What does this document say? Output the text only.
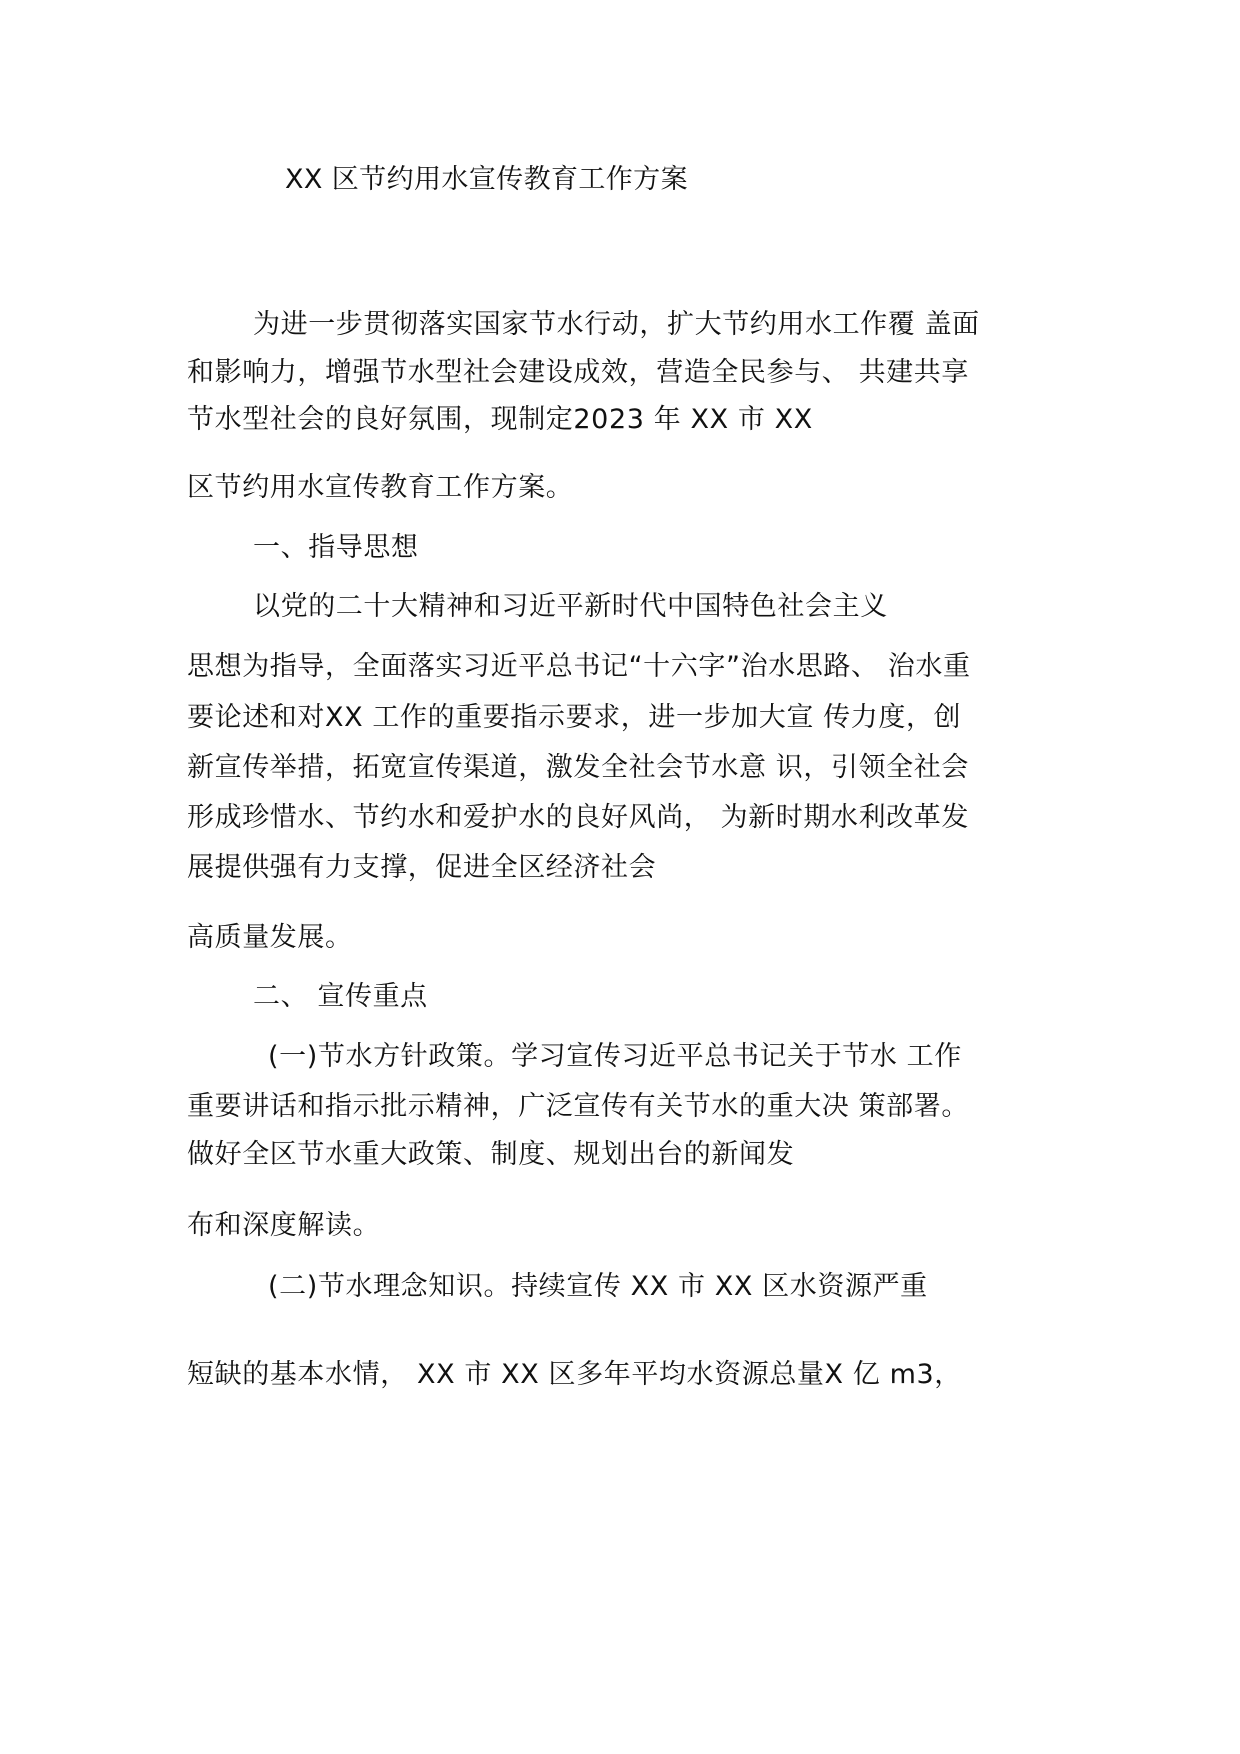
XX 区节约用水宣传教育工作方案
为进一步贯彻落实国家节水行动，扩大节约用水工作覆 盖面
和影响力，增强节水型社会建设成效，营造全民参与、 共建共享
节水型社会的良好氛围，现制定2023 年 XX 市 XX
区节约用水宣传教育工作方案。
一、指导思想
以党的二十大精神和习近平新时代中国特色社会主义
思想为指导，全面落实习近平总书记“十六字”治水思路、 治水重
要论述和对XX 工作的重要指示要求，进一步加大宣 传力度，创
新宣传举措，拓宽宣传渠道，激发全社会节水意 识，引领全社会
形成珍惜水、节约水和爱护水的良好风尚， 为新时期水利改革发
展提供强有力支撑，促进全区经济社会
高质量发展。
二、 宣传重点
(一)节水方针政策。学习宣传习近平总书记关于节水 工作
重要讲话和指示批示精神，广泛宣传有关节水的重大决 策部署。
做好全区节水重大政策、制度、规划出台的新闻发
布和深度解读。
(二)节水理念知识。持续宣传 XX 市 XX 区水资源严重
短缺的基本水情， XX 市 XX 区多年平均水资源总量X 亿 m3，
